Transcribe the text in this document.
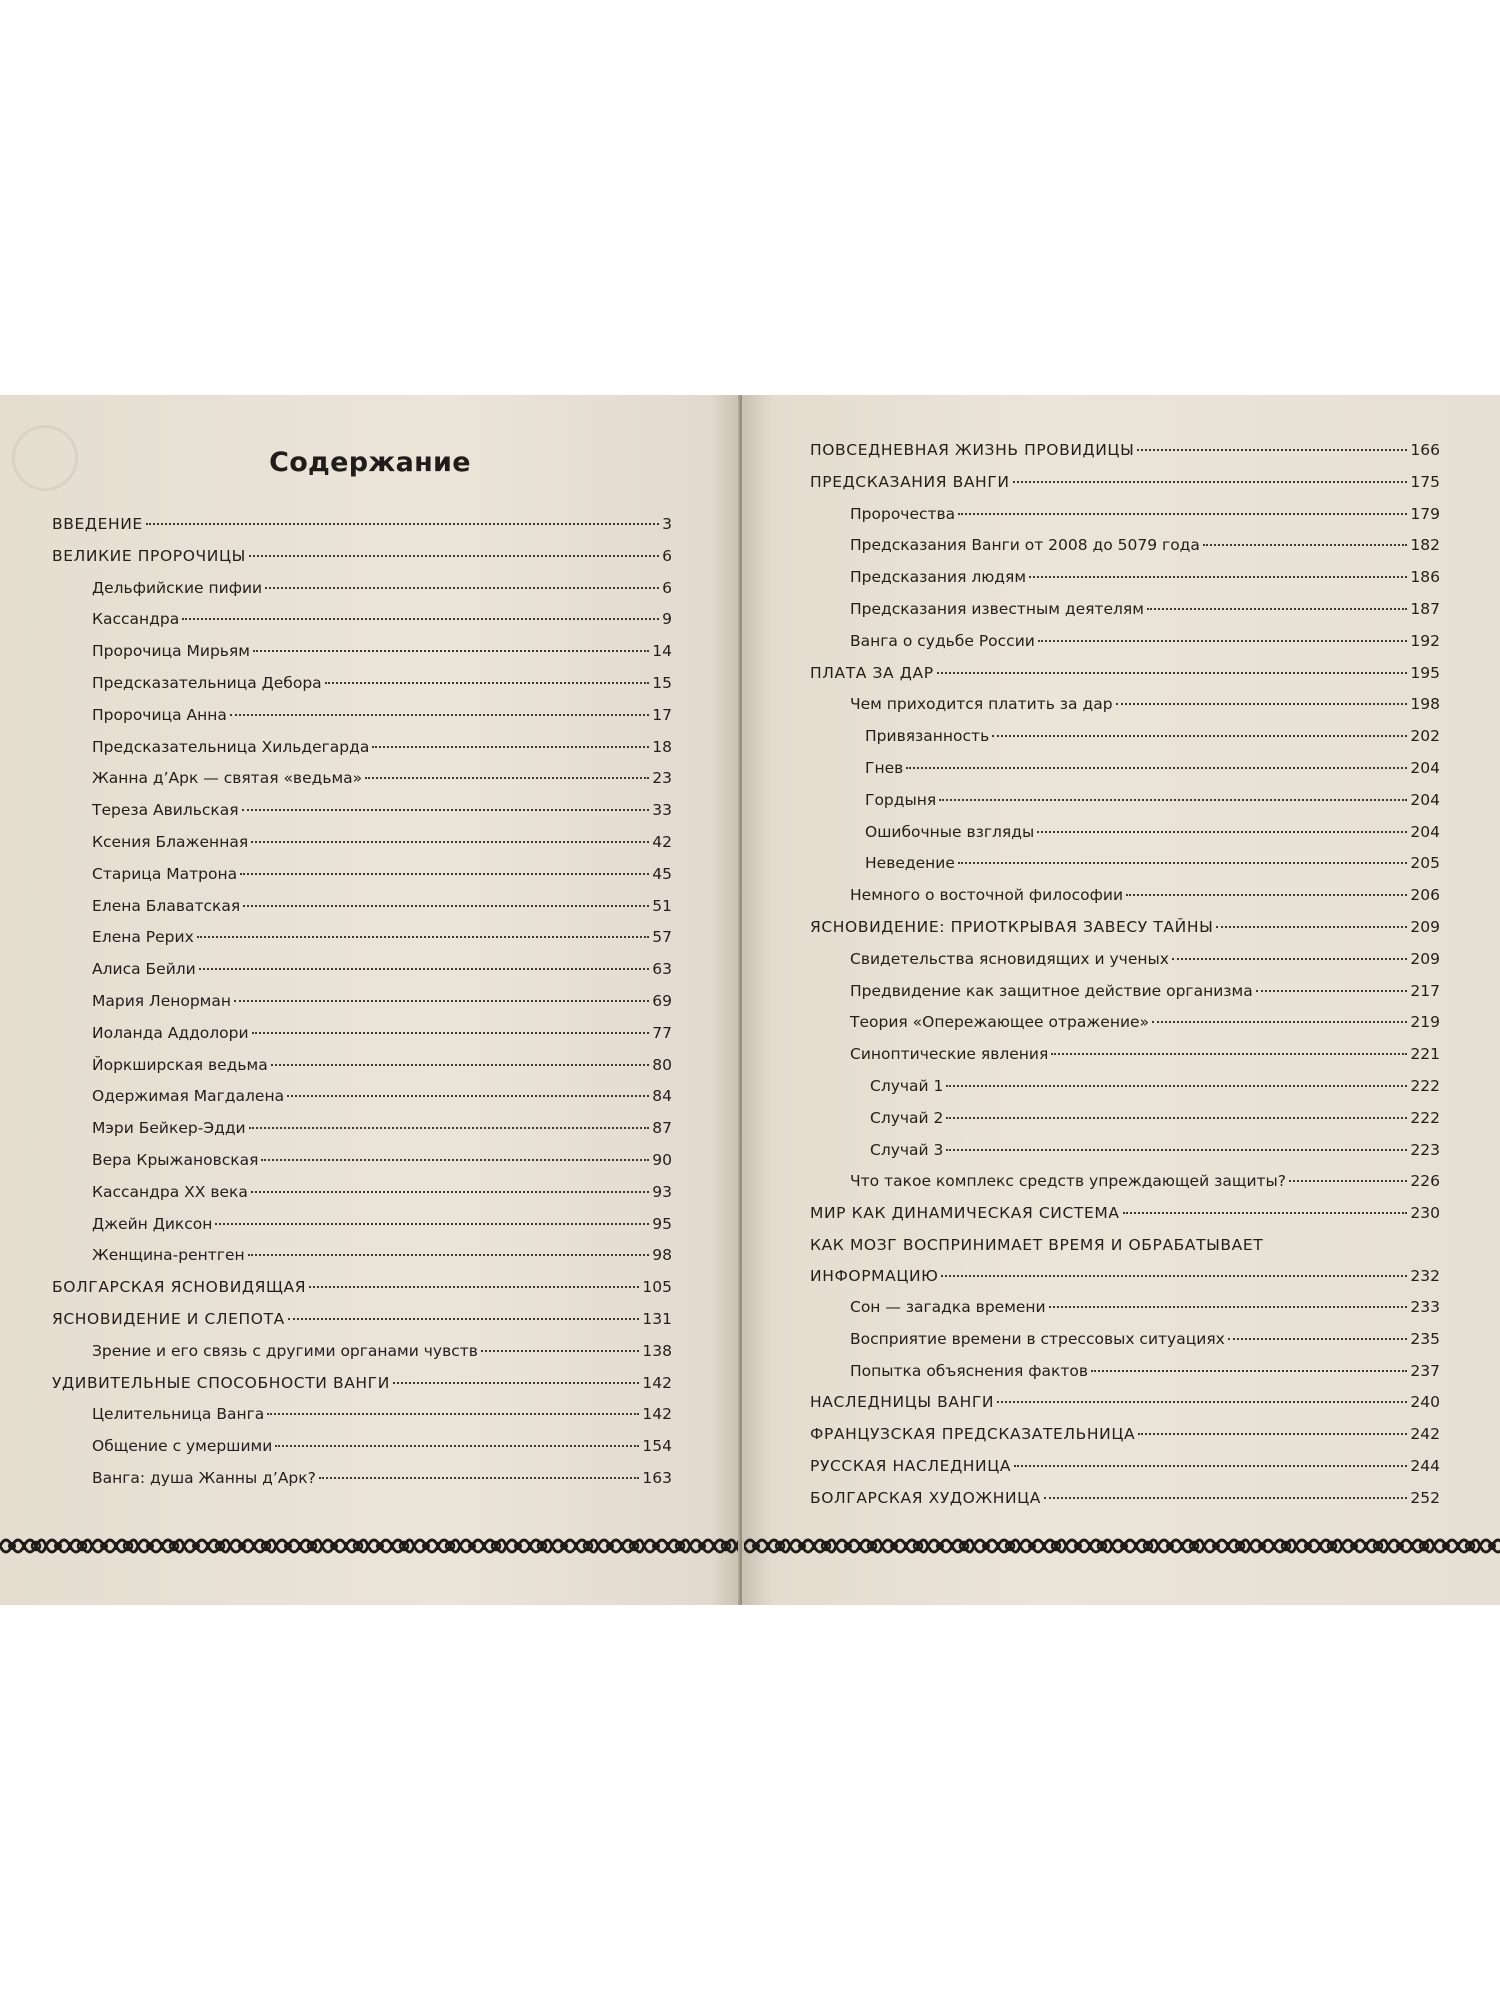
Содержание
ВВЕДЕНИЕ	3
ВЕЛИКИЕ ПРОРОЧИЦЫ	6
Дельфийские пифии	6
Кассандра	9
Пророчица Мирьям	14
Предсказательница Дебора	15
Пророчица Анна	17
Предсказательница Хильдегарда	18
Жанна д’Арк — святая «ведьма»	23
Тереза Авильская	33
Ксения Блаженная	42
Старица Матрона	45
Елена Блаватская	51
Елена Рерих	57
Алиса Бейли	63
Мария Ленорман	69
Иоланда Аддолори	77
Йоркширская ведьма	80
Одержимая Магдалена	84
Мэри Бейкер-Эдди	87
Вера Крыжановская	90
Кассандра XX века	93
Джейн Диксон	95
Женщина-рентген	98
БОЛГАРСКАЯ ЯСНОВИДЯЩАЯ	105
ЯСНОВИДЕНИЕ И СЛЕПОТА	131
Зрение и его связь с другими органами чувств	138
УДИВИТЕЛЬНЫЕ СПОСОБНОСТИ ВАНГИ	142
Целительница Ванга	142
Общение с умершими	154
Ванга: душа Жанны д’Арк?	163
ПОВСЕДНЕВНАЯ ЖИЗНЬ ПРОВИДИЦЫ	166
ПРЕДСКАЗАНИЯ ВАНГИ	175
Пророчества	179
Предсказания Ванги от 2008 до 5079 года	182
Предсказания людям	186
Предсказания известным деятелям	187
Ванга о судьбе России	192
ПЛАТА ЗА ДАР	195
Чем приходится платить за дар	198
Привязанность	202
Гнев	204
Гордыня	204
Ошибочные взгляды	204
Неведение	205
Немного о восточной философии	206
ЯСНОВИДЕНИЕ: ПРИОТКРЫВАЯ ЗАВЕСУ ТАЙНЫ	209
Свидетельства ясновидящих и ученых	209
Предвидение как защитное действие организма	217
Теория «Опережающее отражение»	219
Синоптические явления	221
Случай 1	222
Случай 2	222
Случай 3	223
Что такое комплекс средств упреждающей защиты?	226
МИР КАК ДИНАМИЧЕСКАЯ СИСТЕМА	230
КАК МОЗГ ВОСПРИНИМАЕТ ВРЕМЯ И ОБРАБАТЫВАЕТ
ИНФОРМАЦИЮ	232
Сон — загадка времени	233
Восприятие времени в стрессовых ситуациях	235
Попытка объяснения фактов	237
НАСЛЕДНИЦЫ ВАНГИ	240
ФРАНЦУЗСКАЯ ПРЕДСКАЗАТЕЛЬНИЦА	242
РУССКАЯ НАСЛЕДНИЦА	244
БОЛГАРСКАЯ ХУДОЖНИЦА	252
